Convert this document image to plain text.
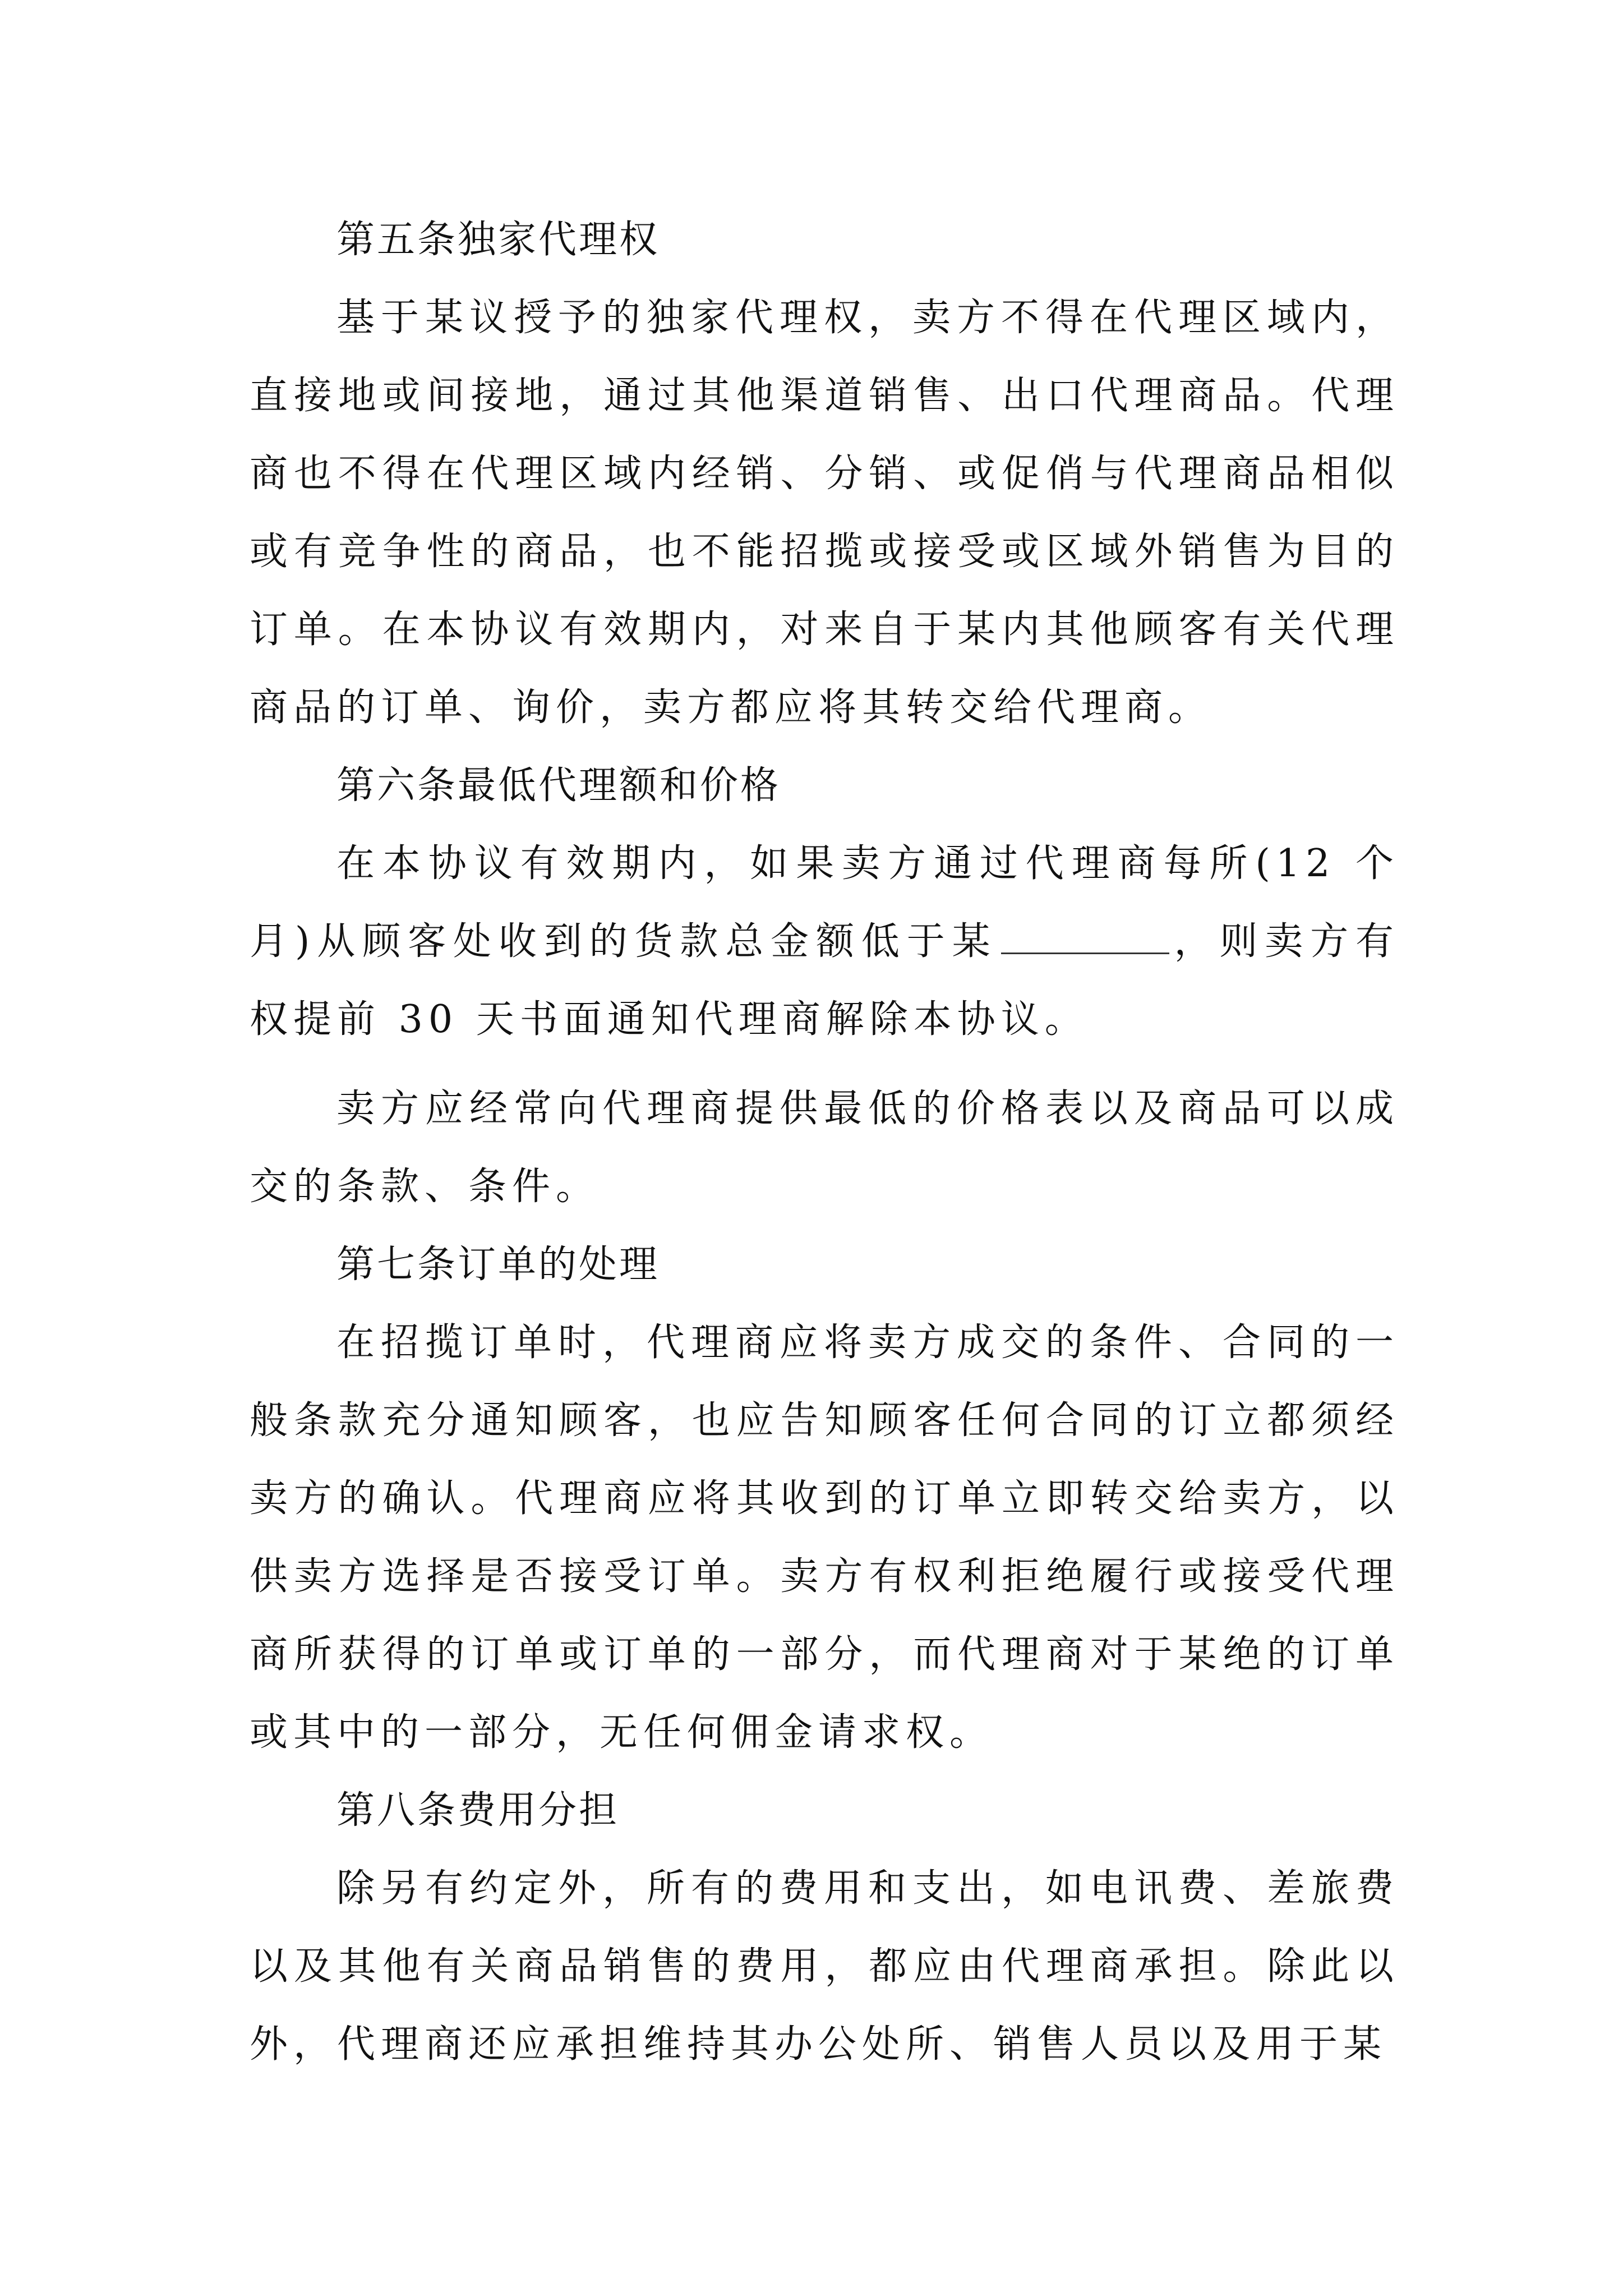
第五条独家代理权

基于某议授予的独家代理权，卖方不得在代理区域内，直接地或间接地，通过其他渠道销售、出口代理商品。代理商也不得在代理区域内经销、分销、或促俏与代理商品相似或有竞争性的商品，也不能招揽或接受或区域外销售为目的订单。在本协议有效期内，对来自于某内其他顾客有关代理商品的订单、询价，卖方都应将其转交给代理商。

第六条最低代理额和价格

在本协议有效期内，如果卖方通过代理商每所(12 个月)从顾客处收到的货款总金额低于某	，则卖方有权提前 30 天书面通知代理商解除本协议。

卖方应经常向代理商提供最低的价格表以及商品可以成交的条款、条件。

第七条订单的处理

在招揽订单时，代理商应将卖方成交的条件、合同的一般条款充分通知顾客，也应告知顾客任何合同的订立都须经卖方的确认。代理商应将其收到的订单立即转交给卖方，以供卖方选择是否接受订单。卖方有权利拒绝履行或接受代理商所获得的订单或订单的一部分，而代理商对于某绝的订单或其中的一部分，无任何佣金请求权。

第八条费用分担

除另有约定外，所有的费用和支出，如电讯费、差旅费以及其他有关商品销售的费用，都应由代理商承担。除此以外，代理商还应承担维持其办公处所、销售人员以及用于某
